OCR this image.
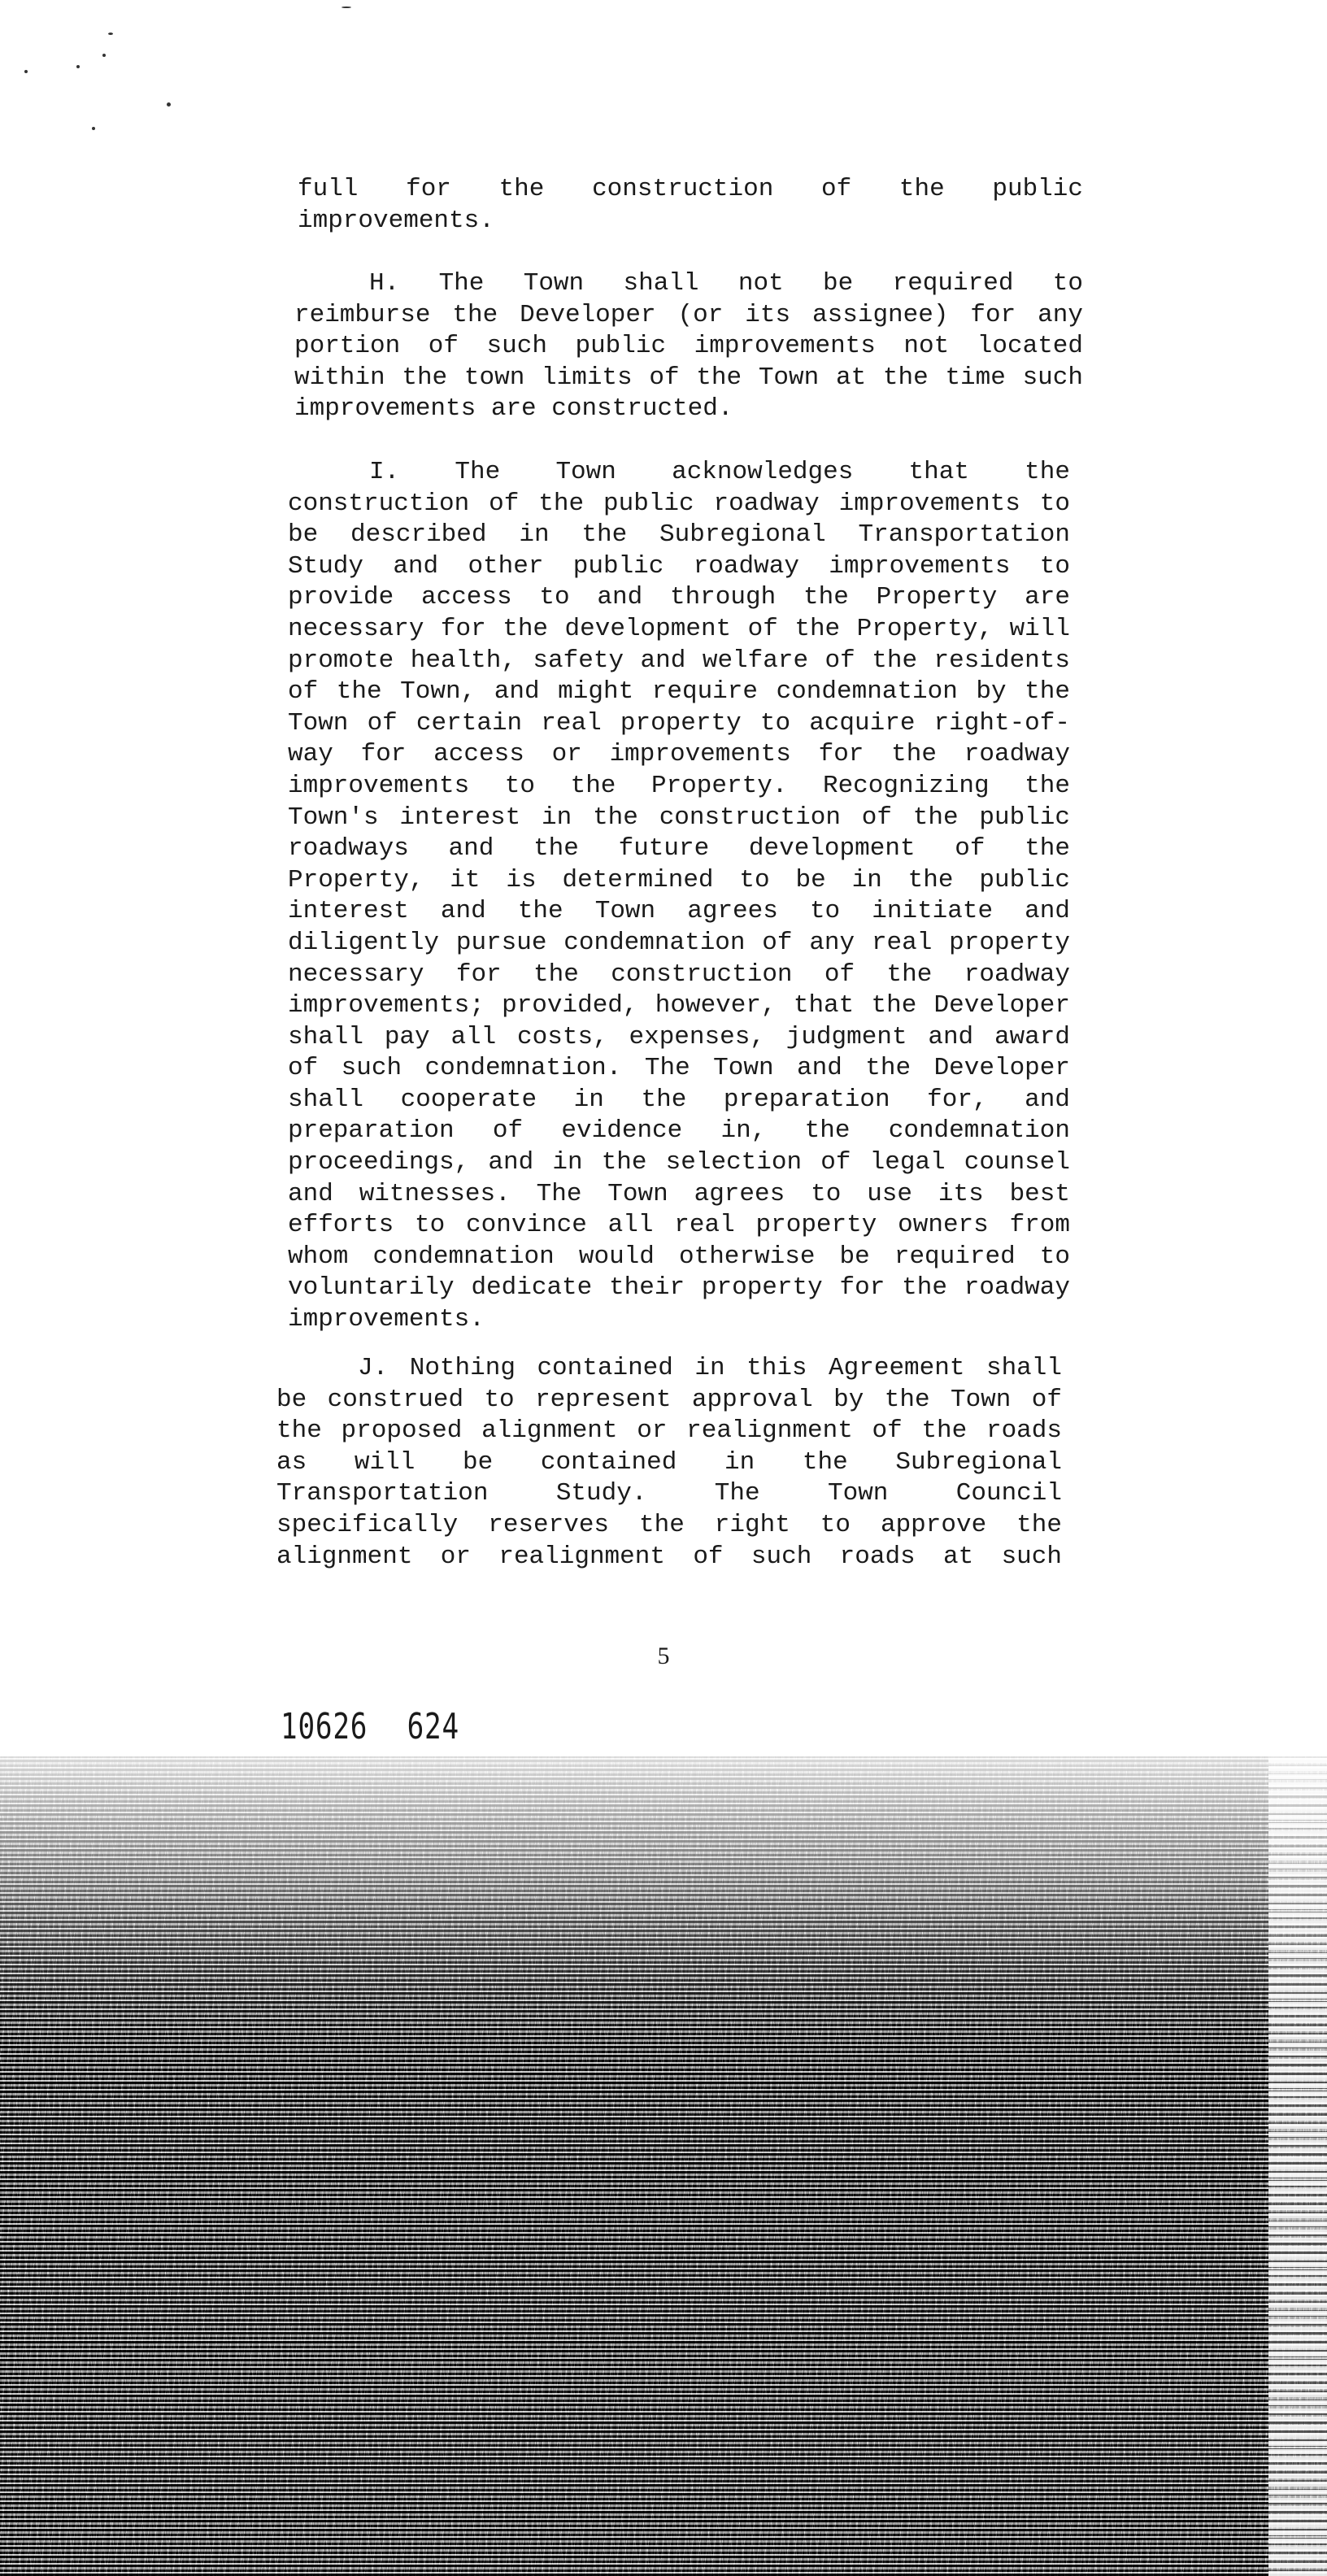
full for the construction of the public
improvements.
H. The Town shall not be required to
reimburse the Developer (or its assignee) for any
portion of such public improvements not located
within the town limits of the Town at the time such
improvements are constructed.
I. The Town acknowledges that the
construction of the public roadway improvements to
be described in the Subregional Transportation
Study and other public roadway improvements to
provide access to and through the Property are
necessary for the development of the Property, will
promote health, safety and welfare of the residents
of the Town, and might require condemnation by the
Town of certain real property to acquire right-of-
way for access or improvements for the roadway
improvements to the Property. Recognizing the
Town's interest in the construction of the public
roadways and the future development of the
Property, it is determined to be in the public
interest and the Town agrees to initiate and
diligently pursue condemnation of any real property
necessary for the construction of the roadway
improvements; provided, however, that the Developer
shall pay all costs, expenses, judgment and award
of such condemnation. The Town and the Developer
shall cooperate in the preparation for, and
preparation of evidence in, the condemnation
proceedings, and in the selection of legal counsel
and witnesses. The Town agrees to use its best
efforts to convince all real property owners from
whom condemnation would otherwise be required to
voluntarily dedicate their property for the roadway
improvements.
J. Nothing contained in this Agreement shall
be construed to represent approval by the Town of
the proposed alignment or realignment of the roads
as will be contained in the Subregional
Transportation Study. The Town Council
specifically reserves the right to approve the
alignment or realignment of such roads at such
5
10626 624
